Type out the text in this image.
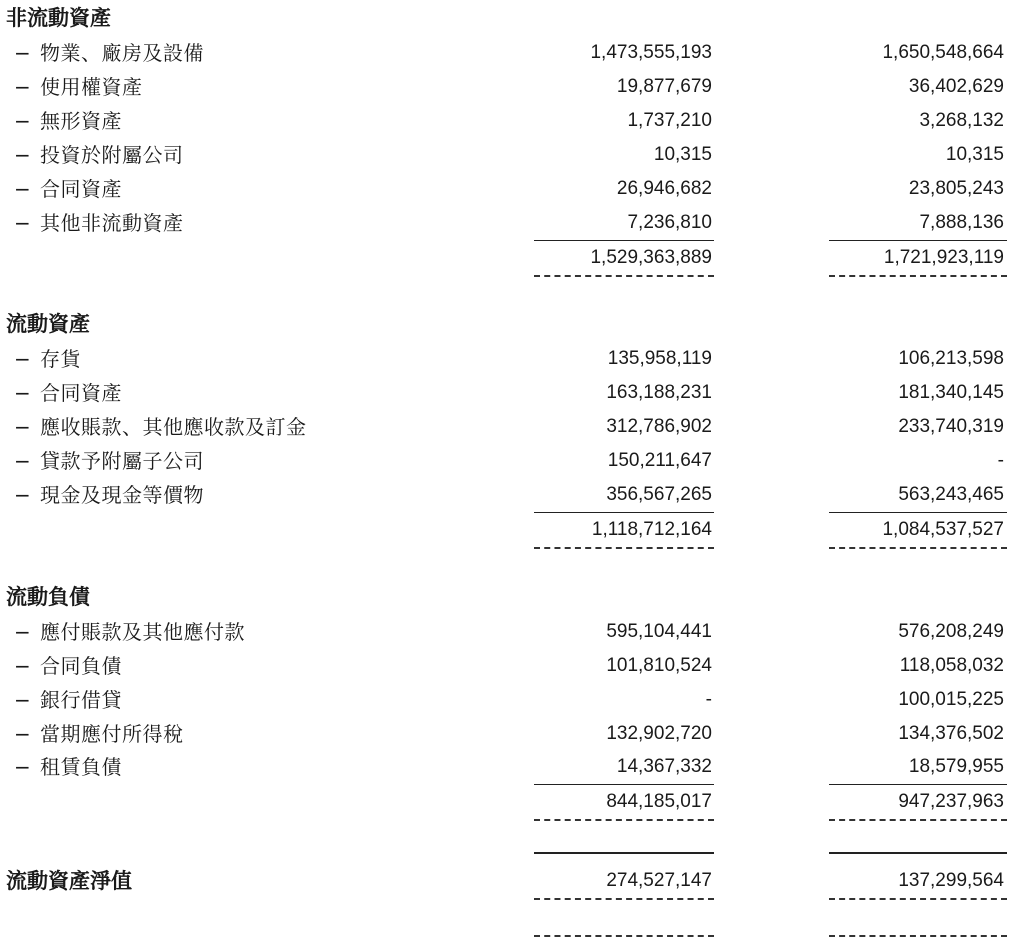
非流動資產
− 物業、廠房及設備	1,473,555,193	1,650,548,664
− 使用權資產	19,877,679	36,402,629
− 無形資產	1,737,210	3,268,132
− 投資於附屬公司	10,315	10,315
− 合同資產	26,946,682	23,805,243
− 其他非流動資產	7,236,810	7,888,136
1,529,363,889	1,721,923,119
流動資產
− 存貨	135,958,119	106,213,598
− 合同資產	163,188,231	181,340,145
− 應收賬款、其他應收款及訂金	312,786,902	233,740,319
− 貸款予附屬子公司	150,211,647	-
− 現金及現金等價物	356,567,265	563,243,465
1,118,712,164	1,084,537,527
流動負債
− 應付賬款及其他應付款	595,104,441	576,208,249
− 合同負債	101,810,524	118,058,032
− 銀行借貸	-	100,015,225
− 當期應付所得稅	132,902,720	134,376,502
− 租賃負債	14,367,332	18,579,955
844,185,017	947,237,963
流動資產淨值	274,527,147	137,299,564
